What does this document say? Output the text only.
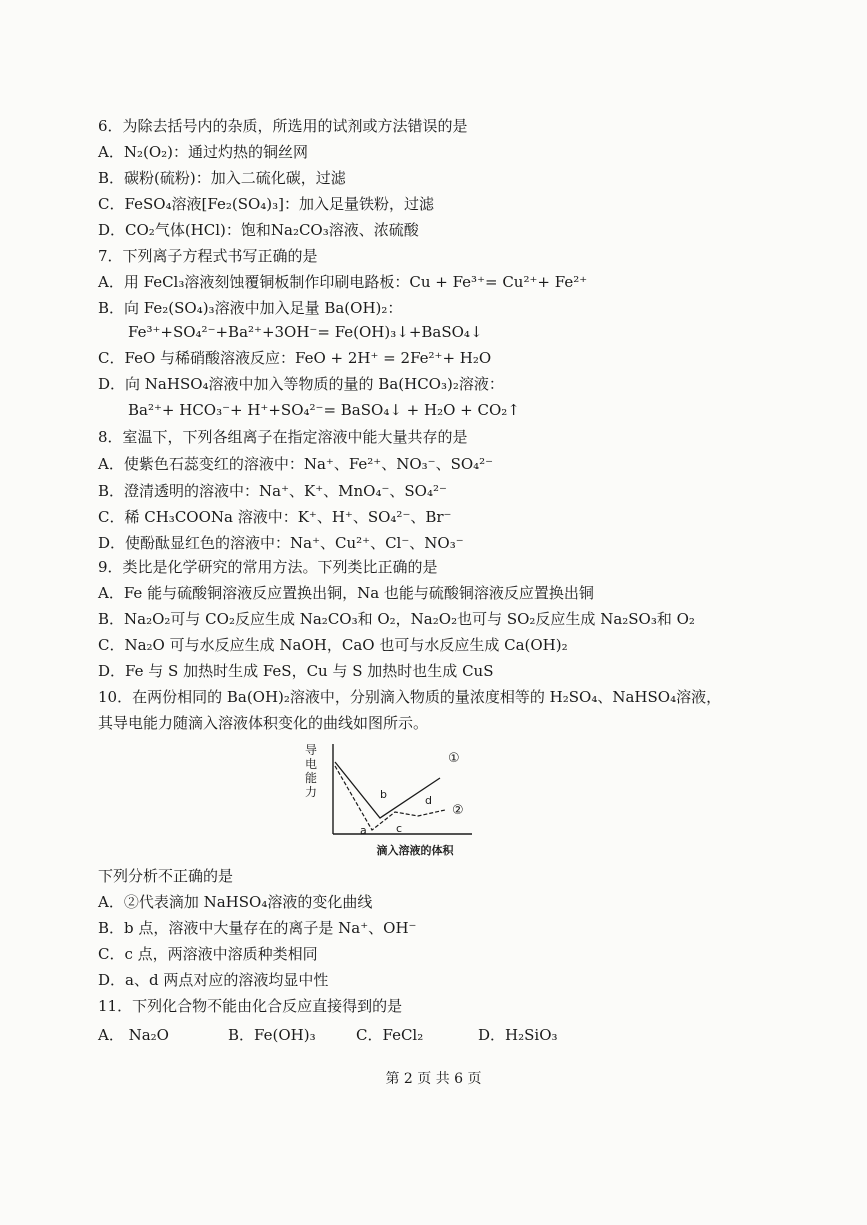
6．为除去括号内的杂质，所选用的试剂或方法错误的是
A．N₂(O₂)：通过灼热的铜丝网
B．碳粉(硫粉)：加入二硫化碳，过滤
C．FeSO₄溶液[Fe₂(SO₄)₃]：加入足量铁粉，过滤
D．CO₂气体(HCl)：饱和Na₂CO₃溶液、浓硫酸
7．下列离子方程式书写正确的是
A．用 FeCl₃溶液刻蚀覆铜板制作印刷电路板：Cu + Fe³⁺= Cu²⁺+ Fe²⁺
B．向 Fe₂(SO₄)₃溶液中加入足量 Ba(OH)₂：
Fe³⁺+SO₄²⁻+Ba²⁺+3OH⁻= Fe(OH)₃↓+BaSO₄↓
C．FeO 与稀硝酸溶液反应：FeO + 2H⁺ = 2Fe²⁺+ H₂O
D．向 NaHSO₄溶液中加入等物质的量的 Ba(HCO₃)₂溶液：
Ba²⁺+ HCO₃⁻+ H⁺+SO₄²⁻= BaSO₄↓ + H₂O + CO₂↑
8．室温下，下列各组离子在指定溶液中能大量共存的是
A．使紫色石蕊变红的溶液中：Na⁺、Fe²⁺、NO₃⁻、SO₄²⁻
B．澄清透明的溶液中：Na⁺、K⁺、MnO₄⁻、SO₄²⁻
C．稀 CH₃COONa 溶液中：K⁺、H⁺、SO₄²⁻、Br⁻
D．使酚酞显红色的溶液中：Na⁺、Cu²⁺、Cl⁻、NO₃⁻
9．类比是化学研究的常用方法。下列类比正确的是
A．Fe 能与硫酸铜溶液反应置换出铜，Na 也能与硫酸铜溶液反应置换出铜
B．Na₂O₂可与 CO₂反应生成 Na₂CO₃和 O₂，Na₂O₂也可与 SO₂反应生成 Na₂SO₃和 O₂
C．Na₂O 可与水反应生成 NaOH，CaO 也可与水反应生成 Ca(OH)₂
D．Fe 与 S 加热时生成 FeS，Cu 与 S 加热时也生成 CuS
10．在两份相同的 Ba(OH)₂溶液中，分别滴入物质的量浓度相等的 H₂SO₄、NaHSO₄溶液，
其导电能力随滴入溶液体积变化的曲线如图所示。
导
电
能
力
①
②
a
b
c
d
滴入溶液的体积
下列分析不正确的是
A．②代表滴加 NaHSO₄溶液的变化曲线
B．b 点，溶液中大量存在的离子是 Na⁺、OH⁻
C．c 点，两溶液中溶质种类相同
D．a、d 两点对应的溶液均显中性
11．下列化合物不能由化合反应直接得到的是
A． Na₂O	B．Fe(OH)₃	C．FeCl₂	D．H₂SiO₃
第 2 页 共 6 页
